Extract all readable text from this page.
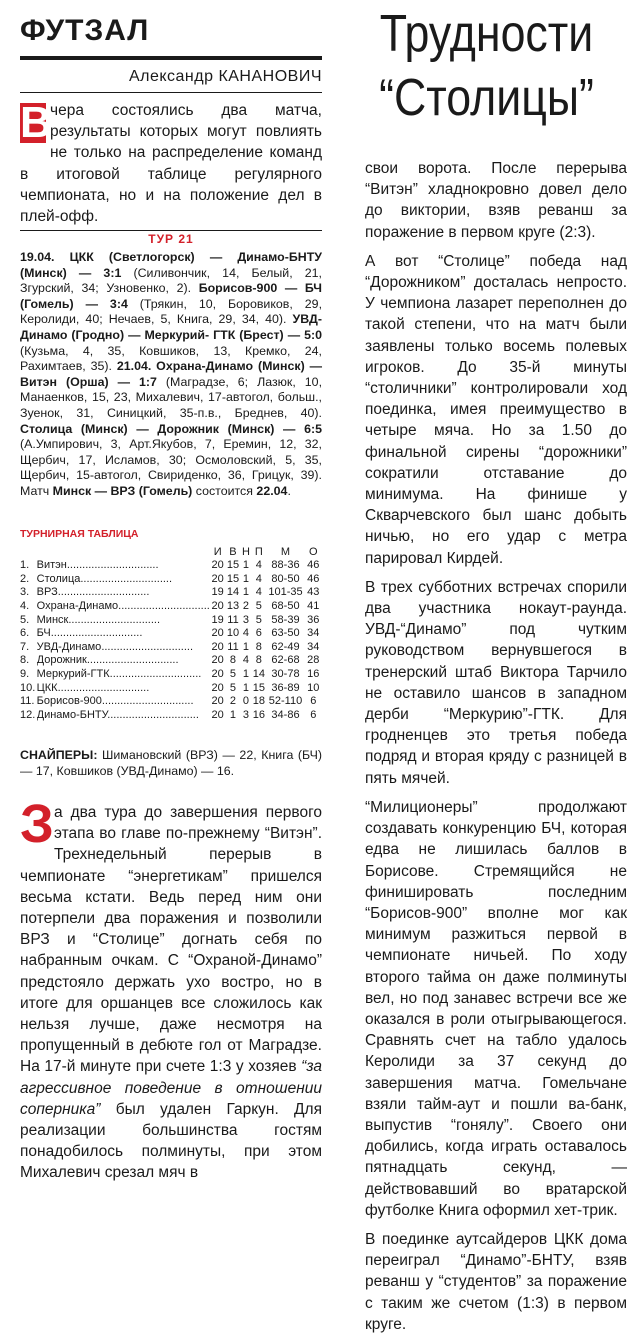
ФУТЗАЛ
Александр КАНАНОВИЧ
Трудности
“Столицы”

В
чера состоялись два матча, результаты которых могут повлиять не только на распределение команд в итоговой таблице регулярного чемпионата, но и на положение дел в плей-офф.

ТУР 21
19.04. ЦКК (Светлогорск) — Динамо-БНТУ (Минск) — 3:1 (Силивончик, 14, Белый, 21, Згурский, 34; Узновенко, 2). Борисов-900 — БЧ (Гомель) — 3:4 (Трякин, 10, Боровиков, 29, Керолиди, 40; Нечаев, 5, Книга, 29, 34, 40). УВД-Динамо (Гродно) — Меркурий- ГТК (Брест) — 5:0 (Кузьма, 4, 35, Ковшиков, 13, Кремко, 24, Рахимтаев, 35). 21.04. Охрана-Динамо (Минск) — Витэн (Орша) — 1:7 (Маградзе, 6; Лазюк, 10, Манаенков, 15, 23, Михалевич, 17-автогол, больш., Зуенок, 31, Синицкий, 35-п.в., Бреднев, 40). Столица (Минск) — Дорожник (Минск) — 6:5 (А.Умпирович, 3, Арт.Якубов, 7, Еремин, 12, 32, Щербич, 17, Исламов, 30; Осмоловский, 5, 35, Щербич, 15-автогол, Свириденко, 36, Грицук, 39). Матч Минск — ВРЗ (Гомель) состоится 22.04.
ТУРНИРНАЯ ТАБЛИЦА
		И	В	Н	П	М	О
1.	Витэн..............................	20	15	1	4	88-36	46
2.	Столица..............................	20	15	1	4	80-50	46
3.	ВРЗ..............................	19	14	1	4	101-35	43
4.	Охрана-Динамо..............................	20	13	2	5	68-50	41
5.	Минск..............................	19	11	3	5	58-39	36
6.	БЧ..............................	20	10	4	6	63-50	34
7.	УВД-Динамо..............................	20	11	1	8	62-49	34
8.	Дорожник..............................	20	8	4	8	62-68	28
9.	Меркурий-ГТК..............................	20	5	1	14	30-78	16
10.	ЦКК..............................	20	5	1	15	36-89	10
11.	Борисов-900..............................	20	2	0	18	52-110	6
12.	Динамо-БНТУ..............................	20	1	3	16	34-86	6
СНАЙПЕРЫ: Шимановский (ВРЗ) — 22, Книга (БЧ) — 17, Ковшиков (УВД-Динамо) — 16.

За два тура до завершения первого этапа во главе по-прежнему “Витэн”. Трехнедельный перерыв в чемпионате “энергетикам” пришелся весьма кстати. Ведь перед ним они потерпели два поражения и позволили ВРЗ и “Столице” догнать себя по набранным очкам. С “Охраной-Динамо” предстояло держать ухо востро, но в итоге для оршанцев все сложилось как нельзя лучше, даже несмотря на пропущенный в дебюте гол от Маградзе. На 17-й минуте при счете 1:3 у хозяев “за агрессивное поведение в отношении соперника” был удален Гаркун. Для реализации большинства гостям понадобилось полминуты, при этом Михалевич срезал мяч в

свои ворота. После перерыва “Витэн” хладнокровно довел дело до виктории, взяв реванш за поражение в первом круге (2:3).

А вот “Столице” победа над “Дорожником” досталась непросто. У чемпиона лазарет переполнен до такой степени, что на матч были заявлены только восемь полевых игроков. До 35-й минуты “столичники” контролировали ход поединка, имея преимущество в четыре мяча. Но за 1.50 до финальной сирены “дорожники” сократили отставание до минимума. На финише у Скварчевского был шанс добыть ничью, но его удар с метра парировал Кирдей.

В трех субботних встречах спорили два участника нокаут-раунда. УВД-“Динамо” под чутким руководством вернувшегося в тренерский штаб Виктора Тарчило не оставило шансов в западном дерби “Меркурию”-ГТК. Для гродненцев это третья победа подряд и вторая кряду с разницей в пять мячей.

“Милиционеры” продолжают создавать конкуренцию БЧ, которая едва не лишилась баллов в Борисове. Стремящийся не финишировать последним “Борисов-900” вполне мог как минимум разжиться первой в чемпионате ничьей. По ходу второго тайма он даже полминуты вел, но под занавес встречи все же оказался в роли отыгрывающегося. Сравнять счет на табло удалось Керолиди за 37 секунд до завершения матча. Гомельчане взяли тайм-аут и пошли ва-банк, выпустив “гонялу”. Своего они добились, когда играть оставалось пятнадцать секунд, — действовавший во вратарской футболке Книга оформил хет-трик.

В поединке аутсайдеров ЦКК дома переиграл “Динамо”-БНТУ, взяв реванш у “студентов” за поражение с таким же счетом (1:3) в первом круге.
